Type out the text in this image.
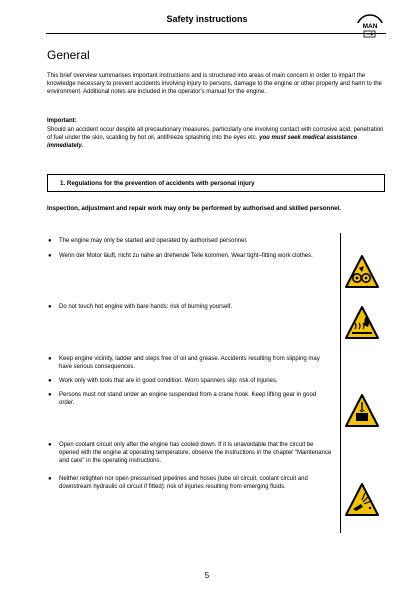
Safety instructions
MAN
General
This brief overview summarises important instructions and is structured into areas of main concern in order to impart the knowledge necessary to prevent accidents involving injury to persons, damage to the engine or other property and harm to the environment. Additional notes are included in the operator's manual for the engine.
Important:
Should an accident occur despite all precautionary measures, particularly one involving contact with corrosive acid, penetration of fuel under the skin, scalding by hot oil, antifreeze splashing into the eyes etc. you must seek medical assistance immediately.
1. Regulations for the prevention of accidents with personal injury
Inspection, adjustment and repair work may only be performed by authorised and skilled personnel.
●	The engine may only be started and operated by authorised personnel.
●	Wenn der Motor läuft, nicht zu nahe an drehende Teile kommen. Wear tight–fitting work clothes.
●	Do not touch hot engine with bare hands: risk of burning yourself.
●	Keep engine vicinity, ladder and steps free of oil and grease. Accidents resulting from slipping may have serious consequences.
●	Work only with tools that are in good condition. Worn spanners slip: risk of injuries.
●	Persons must not stand under an engine suspended from a crane hook. Keep lifting gear in good order.
●	Open coolant circuit only after the engine has cooled down. If it is unavoidable that the circuit be opened with the engine at operating temperature, observe the instructions in the chapter "Maintenance and care" in the operating instructions.
●	Neither retighten nor open pressurised pipelines and hoses (lube oil circuit, coolant circuit and downstream hydraulic oil circuit if fitted): risk of injuries resulting from emerging fluids.
5
